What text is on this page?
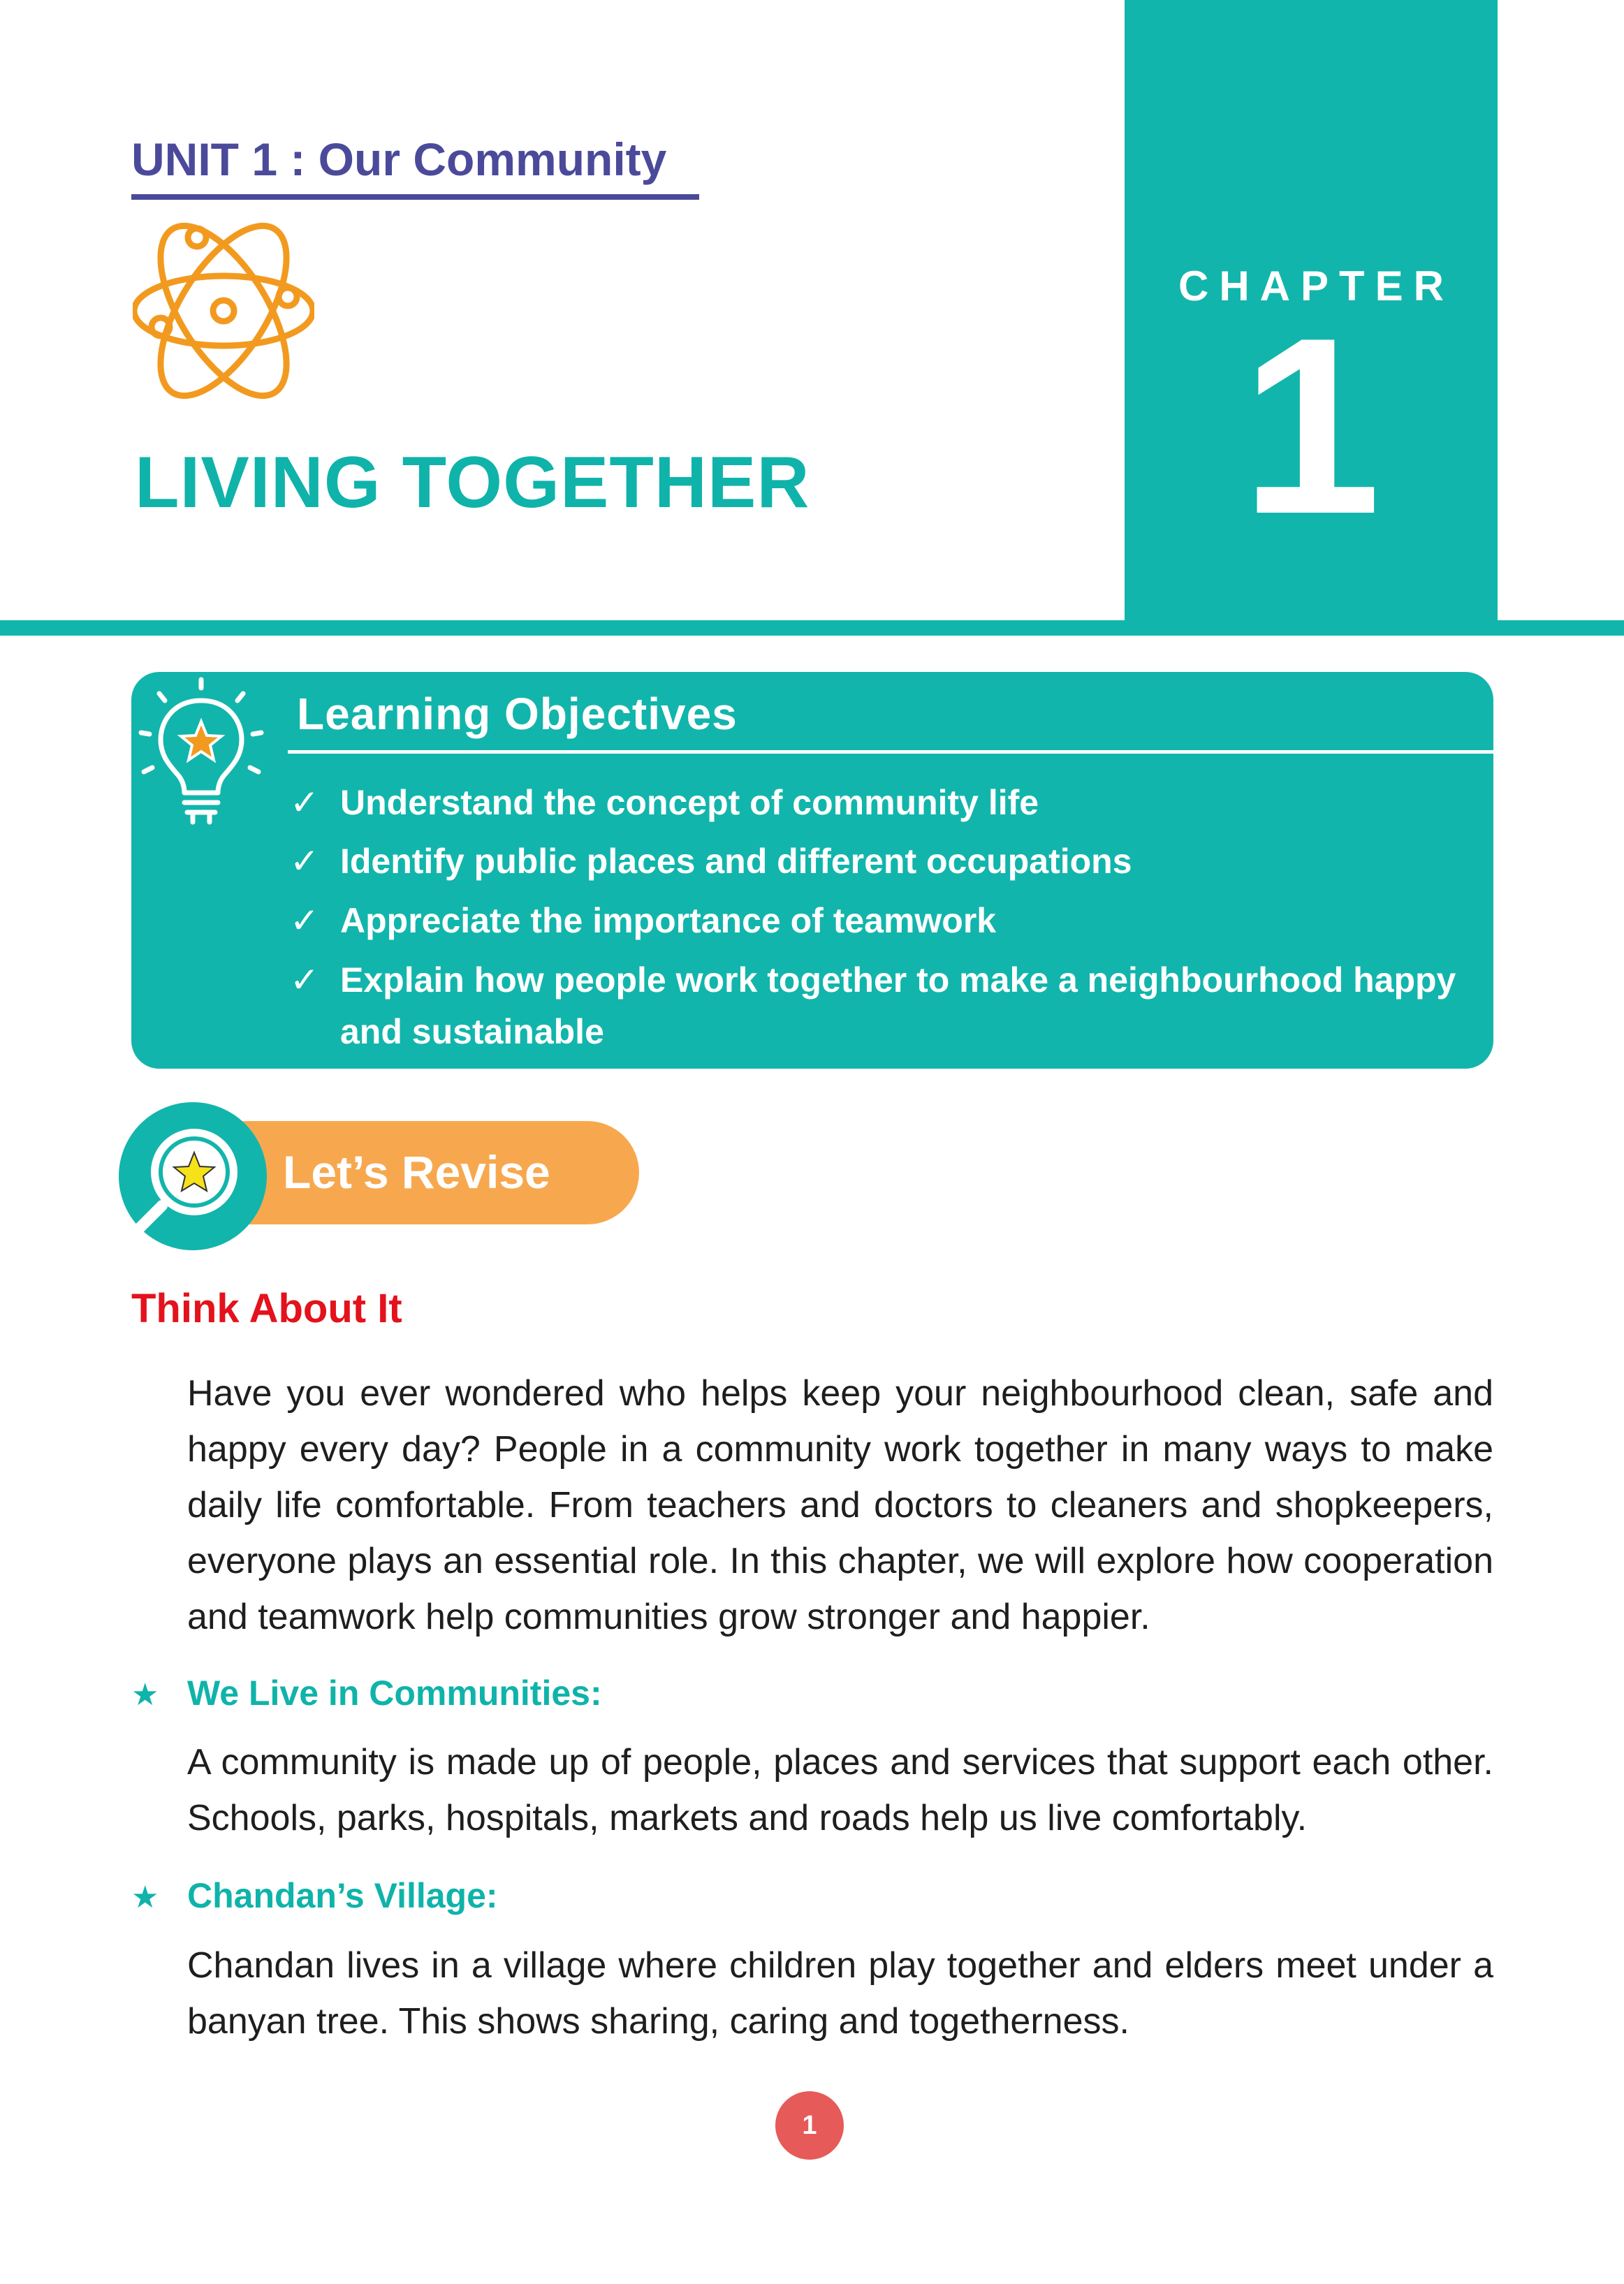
UNIT 1 : Our Community
LIVING TOGETHER
CHAPTER
1
Learning Objectives
✓ Understand the concept of community life
✓ Identify public places and different occupations
✓ Appreciate the importance of teamwork
✓ Explain how people work together to make a neighbourhood happy
and sustainable
Let’s Revise
Think About It
Have you ever wondered who helps keep your neighbourhood clean, safe and
happy every day? People in a community work together in many ways to make
daily life comfortable. From teachers and doctors to cleaners and shopkeepers,
everyone plays an essential role. In this chapter, we will explore how cooperation
and teamwork help communities grow stronger and happier.
★ We Live in Communities:
A community is made up of people, places and services that support each other.
Schools, parks, hospitals, markets and roads help us live comfortably.
★ Chandan’s Village:
Chandan lives in a village where children play together and elders meet under a
banyan tree. This shows sharing, caring and togetherness.
1
